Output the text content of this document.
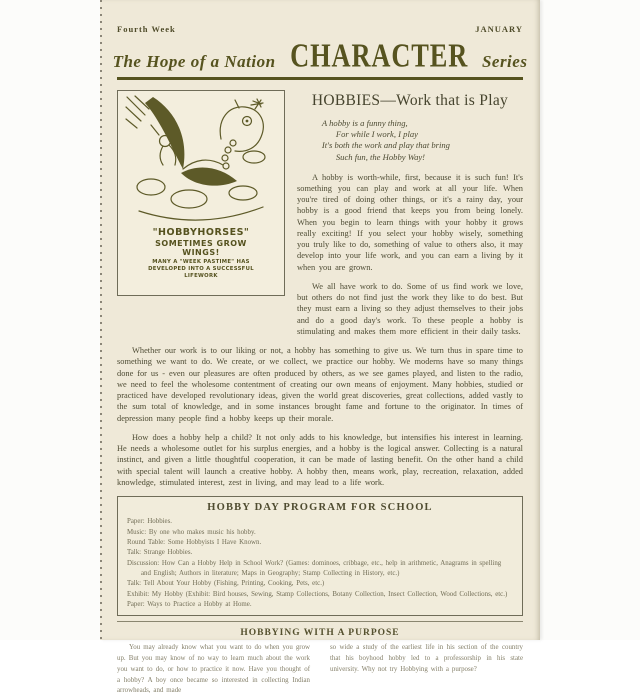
Fourth Week	JANUARY
The Hope of a Nation CHARACTER Series
"HOBBYHORSES"
SOMETIMES GROW
WINGS!
MANY A "WEEK PASTIME" HAS DEVELOPED INTO A SUCCESSFUL LIFEWORK
HOBBIES—Work that is Play
A hobby is a funny thing,
For while I work, I play
It's both the work and play that bring
Such fun, the Hobby Way!

A hobby is worth-while, first, because it is such fun! It's something you can play and work at all your life. When you're tired of doing other things, or it's a rainy day, your hobby is a good friend that keeps you from being lonely. When you begin to learn things with your hobby it grows really exciting! If you select your hobby wisely, something you truly like to do, something of value to others also, it may develop into your life work, and you can earn a living by it when you are grown.

We all have work to do. Some of us find work we love, but others do not find just the work they like to do best. But they must earn a living so they adjust themselves to their jobs and do a good day's work. To these people a hobby is stimulating and makes them more efficient in their daily tasks.

Whether our work is to our liking or not, a hobby has something to give us. We turn thus in spare time to something we want to do. We create, or we collect, we practice our hobby. We moderns have so many things done for us - even our pleasures are often produced by others, as we see games played, and listen to the radio, we need to feel the wholesome contentment of creating our own means of enjoyment. Many hobbies, studied or practiced have developed revolutionary ideas, given the world great discoveries, great collections, added vastly to the sum total of knowledge, and in some instances brought fame and fortune to the originator. In times of depression many people find a hobby keeps up their morale.

How does a hobby help a child? It not only adds to his knowledge, but intensifies his interest in learning. He needs a wholesome outlet for his surplus energies, and a hobby is the logical answer. Collecting is a natural instinct, and given a little thoughtful cooperation, it can be made of lasting benefit. On the other hand a child with special talent will launch a creative hobby. A hobby then, means work, play, recreation, relaxation, added knowledge, stimulated interest, zest in living, and may lead to a life work.

HOBBY DAY PROGRAM FOR SCHOOL
Paper: Hobbies.
Music: By one who makes music his hobby.
Round Table: Some Hobbyists I Have Known.
Talk: Strange Hobbies.
Discussion: How Can a Hobby Help in School Work? (Games: dominoes, cribbage, etc., help in arithmetic, Anagrams in spelling and English; Authors in literature; Maps in Geography; Stamp Collecting in History, etc.)
Talk: Tell About Your Hobby (Fishing, Printing, Cooking, Pets, etc.)
Exhibit: My Hobby (Exhibit: Bird houses, Sewing, Stamp Collections, Botany Collection, Insect Collection, Wood Collections, etc.)
Paper: Ways to Practice a Hobby at Home.
HOBBYING WITH A PURPOSE

You may already know what you want to do when you grow up. But you may know of no way to learn much about the work you want to do, or how to practice it now. Have you thought of a hobby? A boy once became so interested in collecting Indian arrowheads, and made

so wide a study of the earliest life in his section of the country that his boyhood hobby led to a professorship in his state university. Why not try Hobbying with a purpose?
